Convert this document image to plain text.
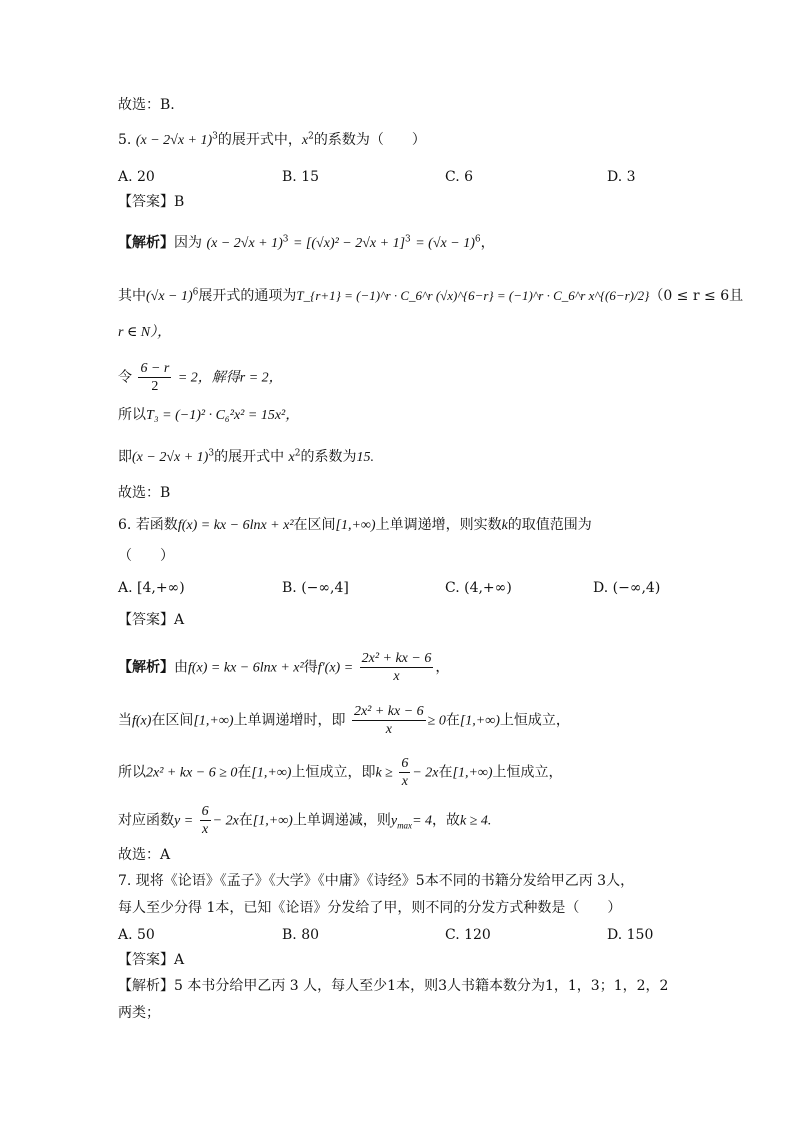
故选：B.
5. $(x - 2√x + 1)^3$的展开式中，$x^2$的系数为（　　）
A. 20	B. 15	C. 6	D. 3
【答案】B
【解析】因为 $(x - 2√x + 1)^3 = [(√x)^2 - 2√x + 1]^3 = (√x - 1)^6$，
其中$(√x - 1)^6$展开式的通项为T_{r+1} = (−1)^r · C_6^r (√x)^{6−r} = (−1)^r · C_6^r x^{(6−r)/2}（0 ≤ r ≤ 6且
r ∈ N），
令 $\frac{6 - r}{2} = 2$，解得r = 2，
所以T₃ = (−1)² · C₆²x² = 15x²，
即$(x - 2√x + 1)^3$的展开式中 $x^2$的系数为15.
故选：B
6. 若函数f(x) = kx − 6lnx + x²在区间[1,+∞)上单调递增，则实数k的取值范围为
（　　）
A. [4,+∞)	B. (−∞,4]	C. (4,+∞)	D. (−∞,4)
【答案】A
【解析】由f(x) = kx − 6lnx + x²得$f'(x) = \frac{\text{2x² + kx − 6}}{x}$ ，
当f(x)在区间[1,+∞)上单调递增时，即 $\frac{\text{2x² + kx − 6}}{x} \ge 0$在[1,+∞)上恒成立，
所以2x² + kx − 6 ≥ 0在[1,+∞)上恒成立，即$k \ge \frac{6}{x} - 2x$在[1,+∞)上恒成立，
对应函数$y = \frac{6}{x} - 2x$在[1,+∞)上单调递减，则$y_{max}= 4$，故k ≥ 4.
故选：A
7. 现将《论语》《孟子》《大学》《中庸》《诗经》5本不同的书籍分发给甲乙丙 3人，
每人至少分得 1本，已知《论语》分发给了甲，则不同的分发方式种数是（　　）
A. 50	B. 80	C. 120	D. 150
【答案】A
【解析】5 本书分给甲乙丙 3 人，每人至少1本，则3人书籍本数分为1，1，3；1，2，2
两类；
